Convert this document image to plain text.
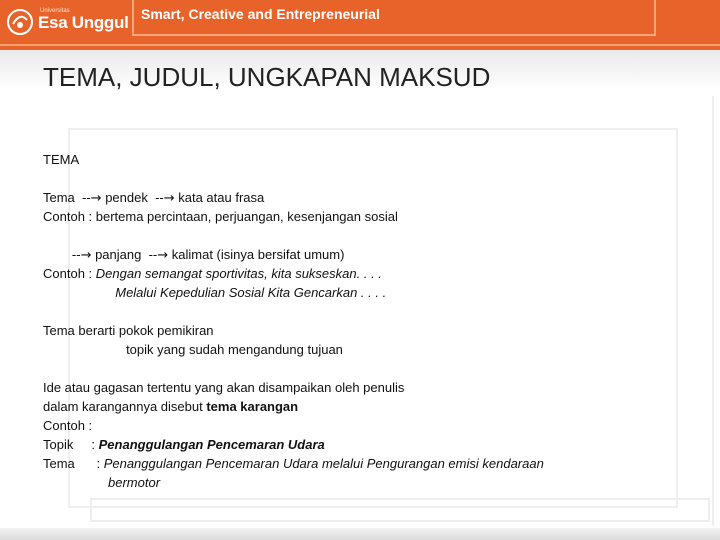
Universitas
Esa Unggul Smart, Creative and Entrepreneurial
TEMA, JUDUL, UNGKAPAN MAKSUD
TEMA
Tema  --→ pendek  --→ kata atau frasa
Contoh : bertema percintaan, perjuangan, kesenjangan sosial
--→ panjang  --→ kalimat (isinya bersifat umum)
Contoh : Dengan semangat sportivitas, kita sukseskan. . . .
Melalui Kepedulian Sosial Kita Gencarkan . . . .
Tema berarti pokok pemikiran
topik yang sudah mengandung tujuan
Ide atau gagasan tertentu yang akan disampaikan oleh penulis
dalam karangannya disebut tema karangan
Contoh :
Topik     : Penanggulangan Pencemaran Udara
Tema      : Penanggulangan Pencemaran Udara melalui Pengurangan emisi kendaraan
bermotor
